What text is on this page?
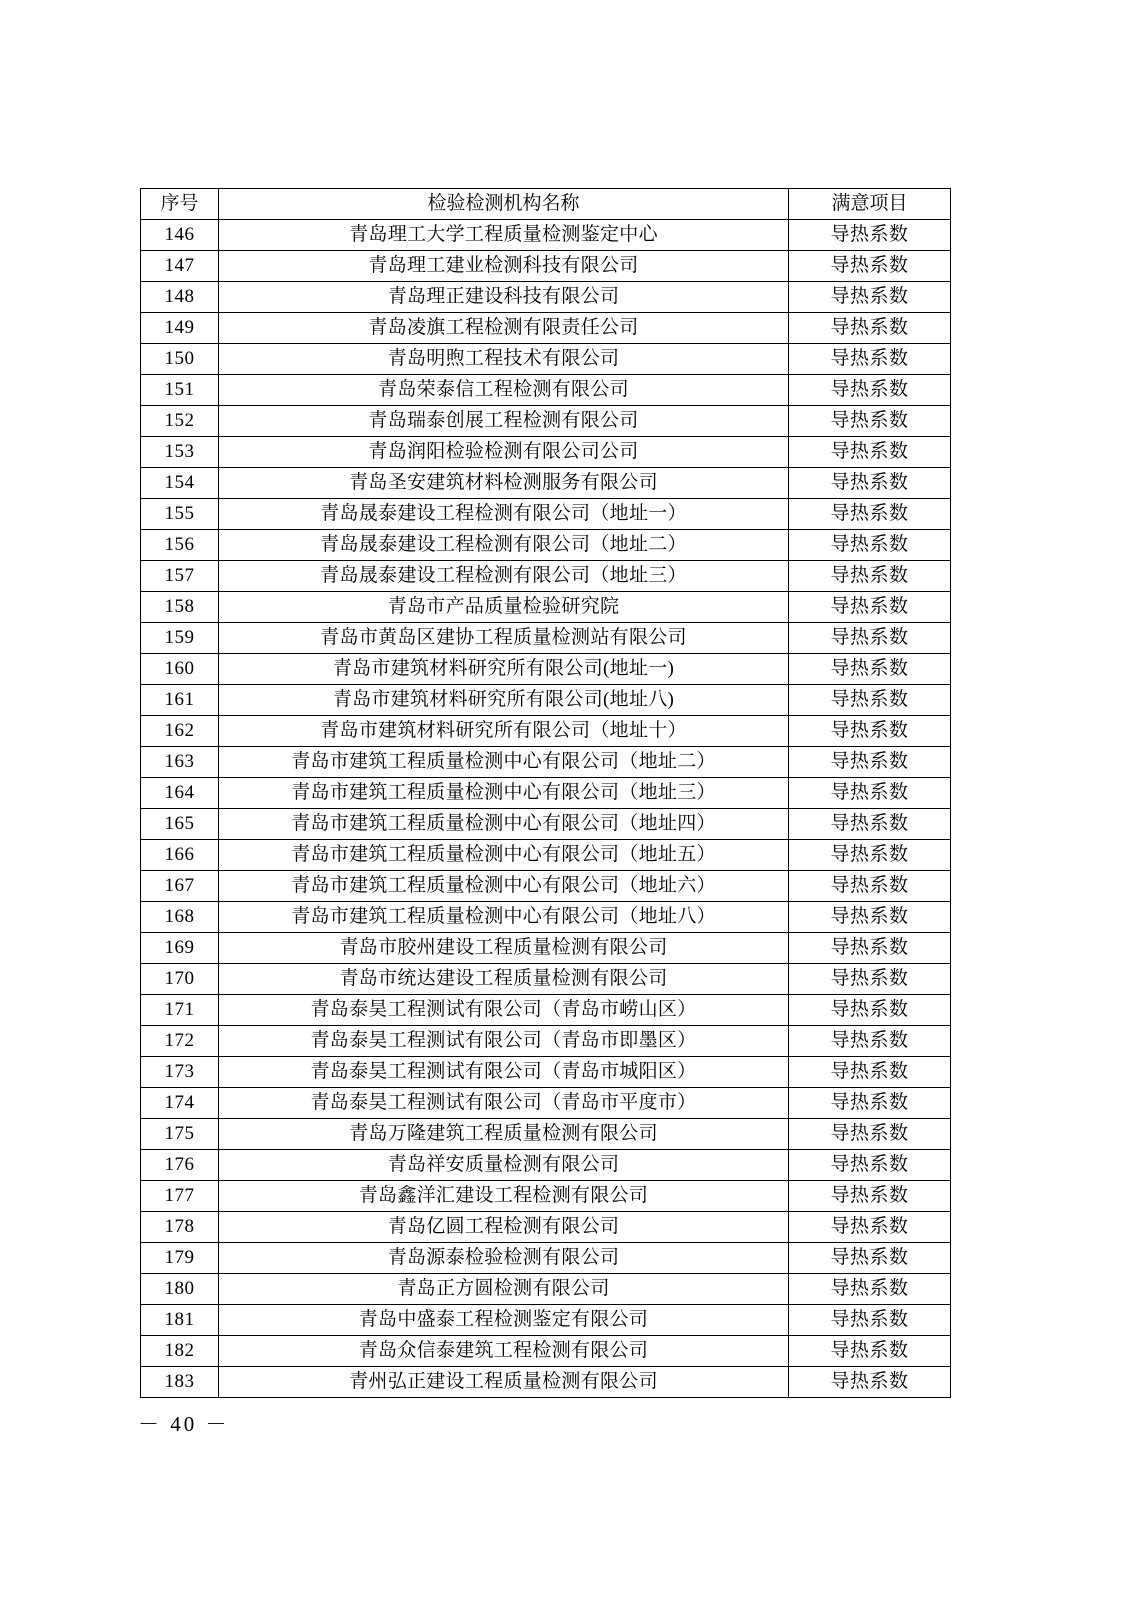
序号	检验检测机构名称	满意项目
146	青岛理工大学工程质量检测鉴定中心	导热系数
147	青岛理工建业检测科技有限公司	导热系数
148	青岛理正建设科技有限公司	导热系数
149	青岛凌旗工程检测有限责任公司	导热系数
150	青岛明煦工程技术有限公司	导热系数
151	青岛荣泰信工程检测有限公司	导热系数
152	青岛瑞泰创展工程检测有限公司	导热系数
153	青岛润阳检验检测有限公司公司	导热系数
154	青岛圣安建筑材料检测服务有限公司	导热系数
155	青岛晟泰建设工程检测有限公司（地址一）	导热系数
156	青岛晟泰建设工程检测有限公司（地址二）	导热系数
157	青岛晟泰建设工程检测有限公司（地址三）	导热系数
158	青岛市产品质量检验研究院	导热系数
159	青岛市黄岛区建协工程质量检测站有限公司	导热系数
160	青岛市建筑材料研究所有限公司(地址一)	导热系数
161	青岛市建筑材料研究所有限公司(地址八)	导热系数
162	青岛市建筑材料研究所有限公司（地址十）	导热系数
163	青岛市建筑工程质量检测中心有限公司（地址二）	导热系数
164	青岛市建筑工程质量检测中心有限公司（地址三）	导热系数
165	青岛市建筑工程质量检测中心有限公司（地址四）	导热系数
166	青岛市建筑工程质量检测中心有限公司（地址五）	导热系数
167	青岛市建筑工程质量检测中心有限公司（地址六）	导热系数
168	青岛市建筑工程质量检测中心有限公司（地址八）	导热系数
169	青岛市胶州建设工程质量检测有限公司	导热系数
170	青岛市统达建设工程质量检测有限公司	导热系数
171	青岛泰昊工程测试有限公司（青岛市崂山区）	导热系数
172	青岛泰昊工程测试有限公司（青岛市即墨区）	导热系数
173	青岛泰昊工程测试有限公司（青岛市城阳区）	导热系数
174	青岛泰昊工程测试有限公司（青岛市平度市）	导热系数
175	青岛万隆建筑工程质量检测有限公司	导热系数
176	青岛祥安质量检测有限公司	导热系数
177	青岛鑫洋汇建设工程检测有限公司	导热系数
178	青岛亿圆工程检测有限公司	导热系数
179	青岛源泰检验检测有限公司	导热系数
180	青岛正方圆检测有限公司	导热系数
181	青岛中盛泰工程检测鉴定有限公司	导热系数
182	青岛众信泰建筑工程检测有限公司	导热系数
183	青州弘正建设工程质量检测有限公司	导热系数
－ 40 －
